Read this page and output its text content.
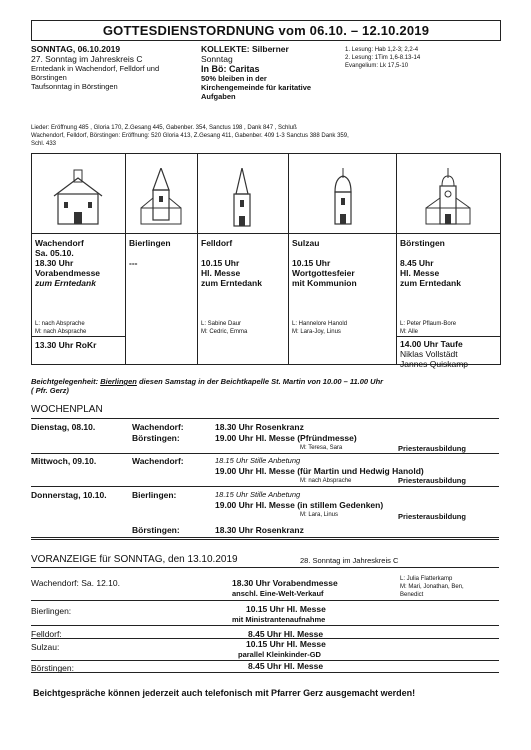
GOTTESDIENSTORDNUNG vom 06.10. – 12.10.2019
SONNTAG, 06.10.2019
27. Sonntag im Jahreskreis C
Erntedank in Wachendorf, Felldorf und
Börstingen
Taufsonntag in Börstingen
KOLLEKTE: Silberner
Sonntag
In Bö: Caritas
50% bleiben in der
Kirchengemeinde für karitative
Aufgaben
1. Lesung: Hab 1,2-3; 2,2-4
2. Lesung: 1Tim 1,6-8.13-14
Evangelium: Lk 17,5-10
Lieder: Eröffnung 485 , Gloria 170, Z.Gesang 445, Gabenber. 354, Sanctus 198 , Dank 847 , Schluß
Wachendorf, Felldorf, Börstingen: Eröffnung: 520 Gloria 413, Z.Gesang 411, Gabenber. 409 1-3 Sanctus 388 Dank 359,
Schl. 433
Wachendorf
Sa. 05.10.
18.30 Uhr
Vorabendmesse
zum Erntedank
L: nach Absprache
M: nach Absprache
13.30 Uhr RoKr
Bierlingen
---
Felldorf
10.15 Uhr
Hl. Messe
zum Erntedank
L: Sabine Daur
M: Cedric, Emma
Sulzau
10.15 Uhr
Wortgottesfeier
mit Kommunion
L: Hannelore Hanold
M: Lara-Joy, Linus
Börstingen
8.45 Uhr
Hl. Messe
zum Erntedank
L: Peter Pflaum-Bore
M: Alle
14.00 Uhr Taufe
Niklas Vollstädt
Jannes Quiskamp
Beichtgelegenheit: Bierlingen diesen Samstag in der Beichtkapelle St. Martin von 10.00 – 11.00 Uhr
( Pfr. Gerz)
WOCHENPLAN
Dienstag, 08.10.	Wachendorf:	18.30 Uhr Rosenkranz
Börstingen:	19.00 Uhr Hl. Messe (Pfründmesse)
M: Teresa, Sara	Priesterausbildung
Mittwoch, 09.10.	Wachendorf:	18.15 Uhr Stille Anbetung
19.00 Uhr Hl. Messe (für Martin und Hedwig Hanold)
M: nach Absprache	Priesterausbildung
Donnerstag, 10.10.	Bierlingen:	18.15 Uhr Stille Anbetung
19.00 Uhr Hl. Messe (in stillem Gedenken)
M: Lara, Linus	Priesterausbildung
Börstingen:	18.30 Uhr Rosenkranz
VORANZEIGE für SONNTAG, den 13.10.2019	28. Sonntag im Jahreskreis C
Wachendorf: Sa. 12.10.	18.30 Uhr Vorabendmesse
anschl. Eine-Welt-Verkauf
L: Julia Flatterkamp
M: Mari, Jonathan, Ben,
Benedict
Bierlingen:	10.15 Uhr Hl. Messe
mit Ministrantenaufnahme
Felldorf:	8.45 Uhr Hl. Messe
Sulzau:	10.15 Uhr Hl. Messe
parallel Kleinkinder-GD
Börstingen:	8.45 Uhr Hl. Messe
Beichtgespräche können jederzeit auch telefonisch mit Pfarrer Gerz ausgemacht werden!
